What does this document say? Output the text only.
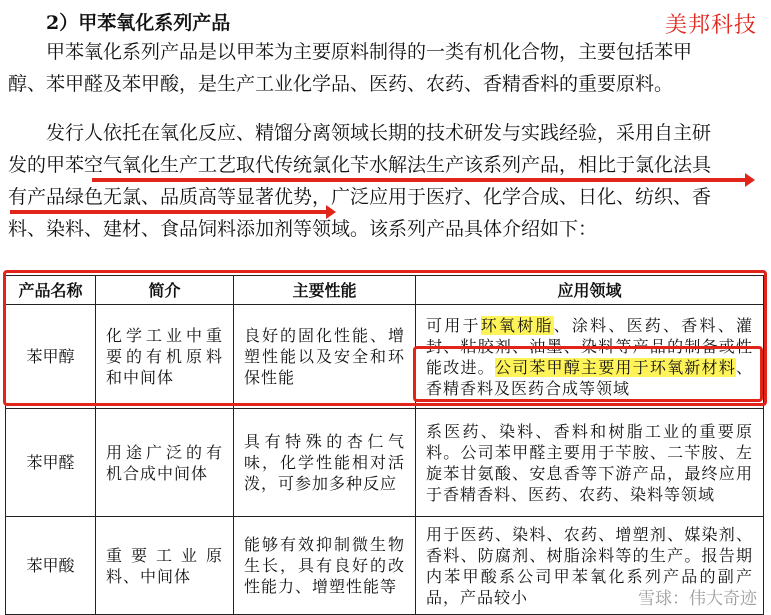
美邦科技
2）甲苯氧化系列产品

甲苯氧化系列产品是以甲苯为主要原料制得的一类有机化合物，主要包括苯甲
醇、苯甲醛及苯甲酸，是生产工业化学品、医药、农药、香精香料的重要原料。

发行人依托在氧化反应、精馏分离领域长期的技术研发与实践经验，采用自主研
发的甲苯空气氧化生产工艺取代传统氯化苄水解法生产该系列产品，相比于氯化法具
有产品绿色无氯、品质高等显著优势，广泛应用于医疗、化学合成、日化、纺织、香
料、染料、建材、食品饲料添加剂等领域。该系列产品具体介绍如下：

产品名称	简介	主要性能	应用领域
苯甲醇	化学工业中重要的有机原料和中间体	良好的固化性能、增塑性能以及安全和环保性能	可用于环氧树脂、涂料、医药、香料、灌封、粘胶剂、油墨、染料等产品的制备或性能改进。公司苯甲醇主要用于环氧新材料、香精香料及医药合成等领域
苯甲醛	用途广泛的有机合成中间体	具有特殊的杏仁气味，化学性能相对活泼，可参加多种反应	系医药、染料、香料和树脂工业的重要原料。公司苯甲醛主要用于苄胺、二苄胺、左旋苯甘氨酸、安息香等下游产品，最终应用于香精香料、医药、农药、染料等领域
苯甲酸	重要工业原料、中间体	能够有效抑制微生物生长，具有良好的改性能力、增塑性能等	用于医药、染料、农药、增塑剂、媒染剂、香料、防腐剂、树脂涂料等的生产。报告期内苯甲酸系公司甲苯氧化系列产品的副产品，产品较小	雪球：伟大奇迹
